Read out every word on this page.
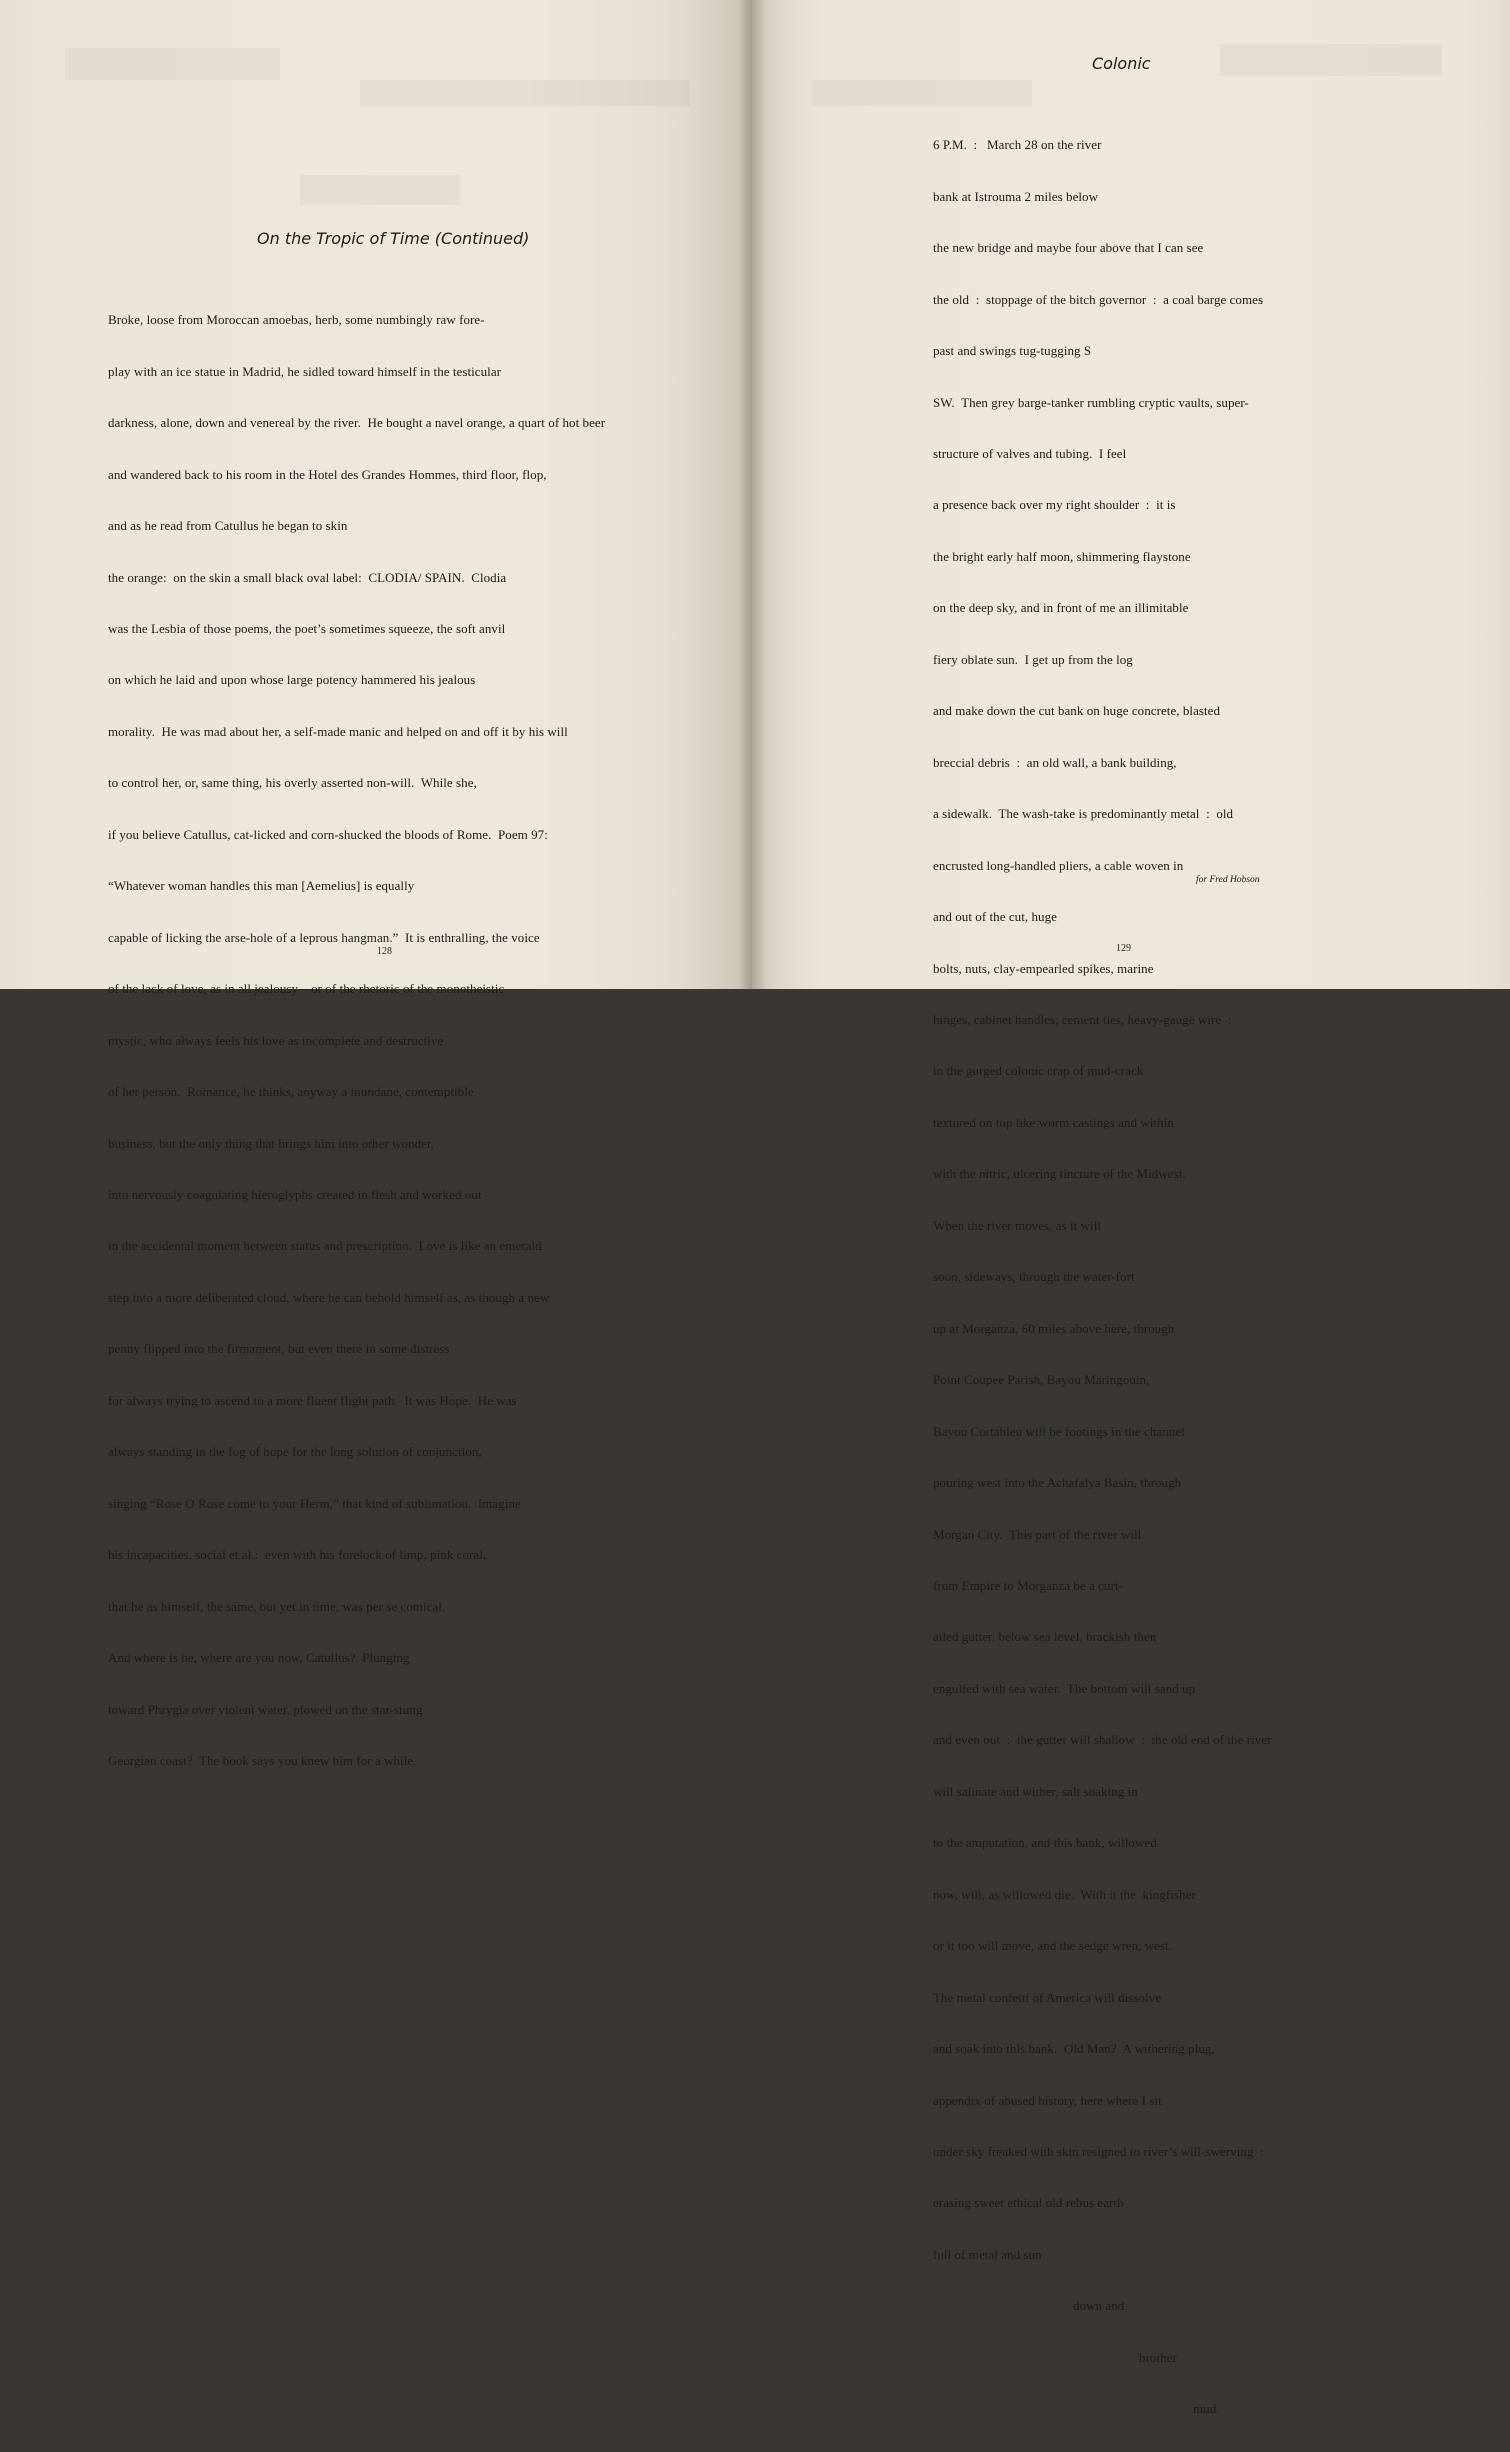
On the Tropic of Time (Continued)

Broke, loose from Moroccan amoebas, herb, some numbingly raw fore-

play with an ice statue in Madrid, he sidled toward himself in the testicular

darkness, alone, down and venereal by the river.  He bought a navel orange, a quart of hot beer

and wandered back to his room in the Hotel des Grandes Hommes, third floor, flop,

and as he read from Catullus he began to skin

the orange:  on the skin a small black oval label:  CLODIA/ SPAIN.  Clodia

was the Lesbia of those poems, the poet’s sometimes squeeze, the soft anvil

on which he laid and upon whose large potency hammered his jealous

morality.  He was mad about her, a self-made manic and helped on and off it by his will

to control her, or, same thing, his overly asserted non-will.  While she,

if you believe Catullus, cat-licked and corn-shucked the bloods of Rome.  Poem 97:

“Whatever woman handles this man [Aemelius] is equally

capable of licking the arse-hole of a leprous hangman.”  It is enthralling, the voice

of the lack of love, as in all jealousy—or of the rhetoric of the monotheistic

mystic, who always feels his love as incomplete and destructive

of her person.  Romance, he thinks, anyway a mundane, contemptible

business, but the only thing that brings him into other wonder,

into nervously coagulating hieroglyphs created in flesh and worked out

in the accidental moment between status and prescription.  Love is like an emerald

step into a more deliberated cloud, where he can behold himself as, as though a new

penny flipped into the firmament, but even there in some distress

for always trying to ascend to a more fluent flight path.  It was Hope.  He was

always standing in the fog of hope for the long solution of conjunction,

singing “Rose O Rose come to your Herm,” that kind of sublimation.  Imagine

his incapacities, social et al.:  even with his forelock of limp, pink coral,

that he as himself, the same, but yet in time, was per se comical.

And where is he, where are you now, Catullus?  Plunging

toward Phrygia over violent water, plowed on the star-stung

Georgian coast?  The book says you knew him for a while.

128
Colonic

6 P.M.  :   March 28 on the river

bank at Istrouma 2 miles below

the new bridge and maybe four above that I can see

the old  :  stoppage of the bitch governor  :  a coal barge comes

past and swings tug-tugging S

SW.  Then grey barge-tanker rumbling cryptic vaults, super-

structure of valves and tubing.  I feel

a presence back over my right shoulder  :  it is

the bright early half moon, shimmering flaystone

on the deep sky, and in front of me an illimitable

fiery oblate sun.  I get up from the log

and make down the cut bank on huge concrete, blasted

breccial debris  :  an old wall, a bank building,

a sidewalk.  The wash-take is predominantly metal  :  old

encrusted long-handled pliers, a cable woven in

and out of the cut, huge

bolts, nuts, clay-empearled spikes, marine

hinges, cabinet handles, cement ties, heavy-gauge wire  :

in the gurged colonic crap of mud-crack

textured on top like worm castings and within

with the nitric, ulcering tincture of the Midwest.

When the river moves, as it will

soon, sideways, through the water-fort

up at Morganza, 60 miles above here, through

Point Coupee Parish, Bayou Maringouin,

Bayou Cortableu will be footings in the channel

pouring west into the Achafalya Basin, through

Morgan City.  This part of the river will

from Empire to Morganza be a curt-

ailed gutter, below sea level, brackish then

engulfed with sea water.  The bottom will sand up

and even out  :  the gutter will shallow  :  the old end of the river

will salinate and wither, salt soaking in

to the amputation, and this bank, willowed

now, will, as willowed die.  With it the  kingfisher

or it too will move, and the sedge wren, west.

The metal confetti of America will dissolve

and soak into this bank.  Old Man?  A withering plug,

appendix of abused history, here where I sit

under sky freaked with skin resigned to river’s will-swerving  :

erasing sweet ethical old rebus earth

full of metal and sun

down and

brother

mud.

for Fred Hobson
129
